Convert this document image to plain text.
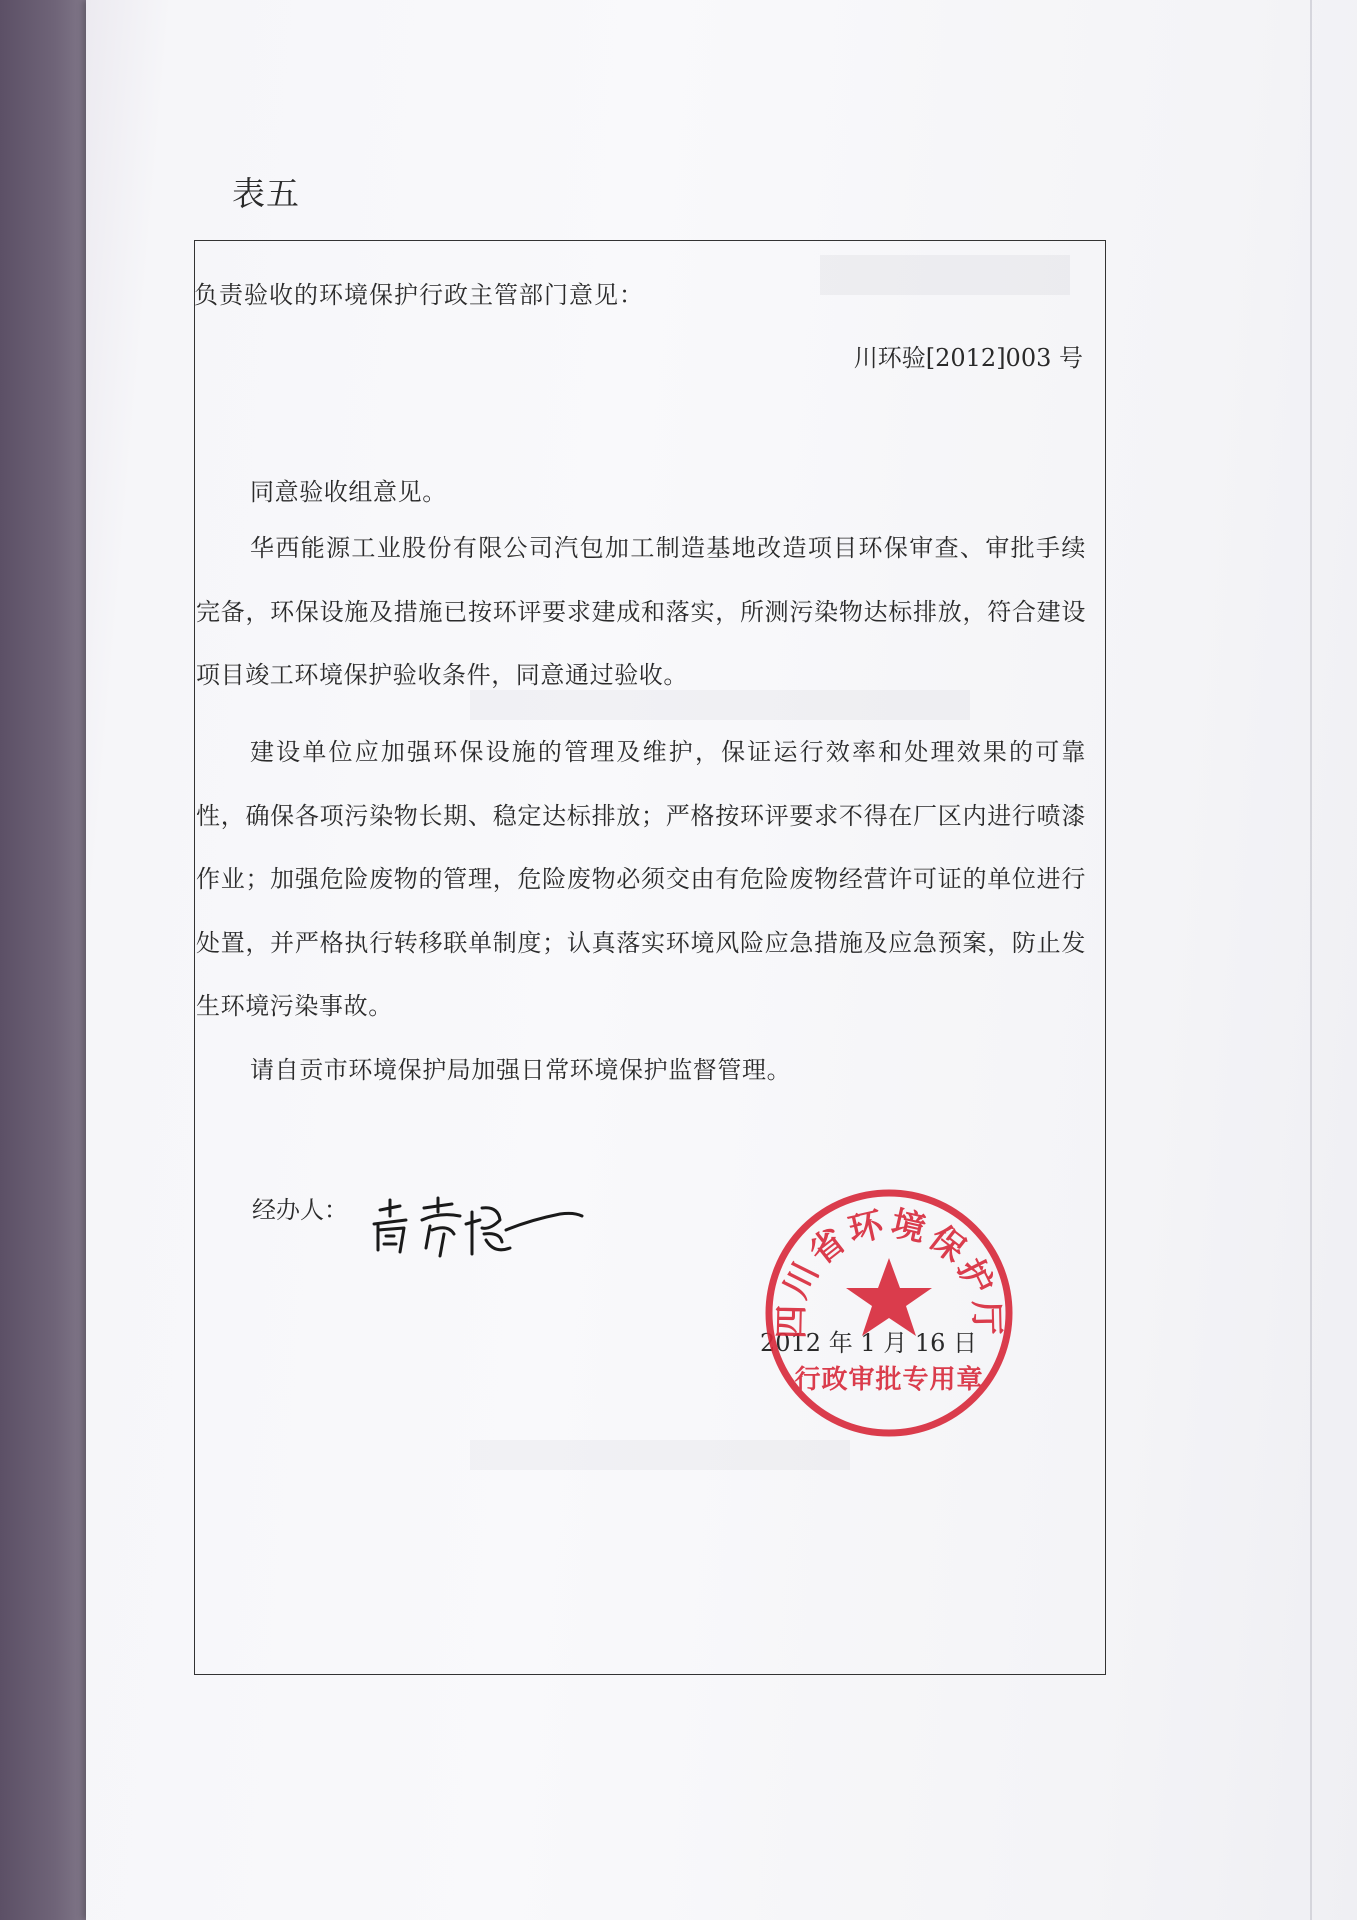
表五
负责验收的环境保护行政主管部门意见：
川环验[2012]003 号
同意验收组意见。
华西能源工业股份有限公司汽包加工制造基地改造项目环保审查、审批手续完备，环保设施及措施已按环评要求建成和落实，所测污染物达标排放，符合建设项目竣工环境保护验收条件，同意通过验收。
建设单位应加强环保设施的管理及维护，保证运行效率和处理效果的可靠性，确保各项污染物长期、稳定达标排放；严格按环评要求不得在厂区内进行喷漆作业；加强危险废物的管理，危险废物必须交由有危险废物经营许可证的单位进行处置，并严格执行转移联单制度；认真落实环境风险应急措施及应急预案，防止发生环境污染事故。
请自贡市环境保护局加强日常环境保护监督管理。
经办人：
2012 年 1 月 16 日
四川省环境保护厅
行政审批专用章
